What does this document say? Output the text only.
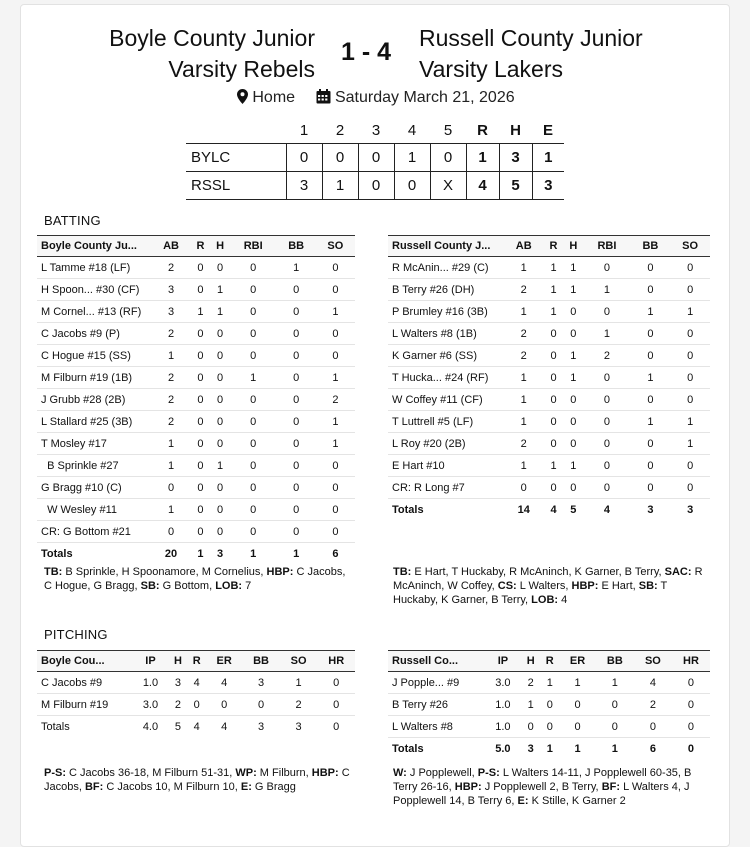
Boyle County Junior Varsity Rebels
1 - 4	Russell County Junior Varsity Lakers
Home Saturday March 21, 2026
	1	2	3	4	5	R	H	E
BYLC	0	0	0	1	0	1	3	1
RSSL	3	1	0	0	X	4	5	3
BATTING
Boyle County Ju...	AB	R	H	RBI	BB	SO
L Tamme #18 (LF)	2	0	0	0	1	0
H Spoon... #30 (CF)	3	0	1	0	0	0
M Cornel... #13 (RF)	3	1	1	0	0	1
C Jacobs #9 (P)	2	0	0	0	0	0
C Hogue #15 (SS)	1	0	0	0	0	0
M Filburn #19 (1B)	2	0	0	1	0	1
J Grubb #28 (2B)	2	0	0	0	0	2
L Stallard #25 (3B)	2	0	0	0	0	1
T Mosley #17	1	0	0	0	0	1
B Sprinkle #27	1	0	1	0	0	0
G Bragg #10 (C)	0	0	0	0	0	0
W Wesley #11	1	0	0	0	0	0
CR: G Bottom #21	0	0	0	0	0	0
Totals	20	1	3	1	1	6
Russell County J...	AB	R	H	RBI	BB	SO
R McAnin... #29 (C)	1	1	1	0	0	0
B Terry #26 (DH)	2	1	1	1	0	0
P Brumley #16 (3B)	1	1	0	0	1	1
L Walters #8 (1B)	2	0	0	1	0	0
K Garner #6 (SS)	2	0	1	2	0	0
T Hucka... #24 (RF)	1	0	1	0	1	0
W Coffey #11 (CF)	1	0	0	0	0	0
T Luttrell #5 (LF)	1	0	0	0	1	1
L Roy #20 (2B)	2	0	0	0	0	1
E Hart #10	1	1	1	0	0	0
CR: R Long #7	0	0	0	0	0	0
Totals	14	4	5	4	3	3
TB: B Sprinkle, H Spoonamore, M Cornelius, HBP: C Jacobs, C Hogue, G Bragg, SB: G Bottom, LOB: 7
TB: E Hart, T Huckaby, R McAninch, K Garner, B Terry, SAC: R McAninch, W Coffey, CS: L Walters, HBP: E Hart, SB: T Huckaby, K Garner, B Terry, LOB: 4
PITCHING
Boyle Cou...	IP	H	R	ER	BB	SO	HR
C Jacobs #9	1.0	3	4	4	3	1	0
M Filburn #19	3.0	2	0	0	0	2	0
Totals	4.0	5	4	4	3	3	0
Russell Co...	IP	H	R	ER	BB	SO	HR
J Popple... #9	3.0	2	1	1	1	4	0
B Terry #26	1.0	1	0	0	0	2	0
L Walters #8	1.0	0	0	0	0	0	0
Totals	5.0	3	1	1	1	6	0
P-S: C Jacobs 36-18, M Filburn 51-31, WP: M Filburn, HBP: C Jacobs, BF: C Jacobs 10, M Filburn 10, E: G Bragg
W: J Popplewell, P-S: L Walters 14-11, J Popplewell 60-35, B Terry 26-16, HBP: J Popplewell 2, B Terry, BF: L Walters 4, J Popplewell 14, B Terry 6, E: K Stille, K Garner 2
